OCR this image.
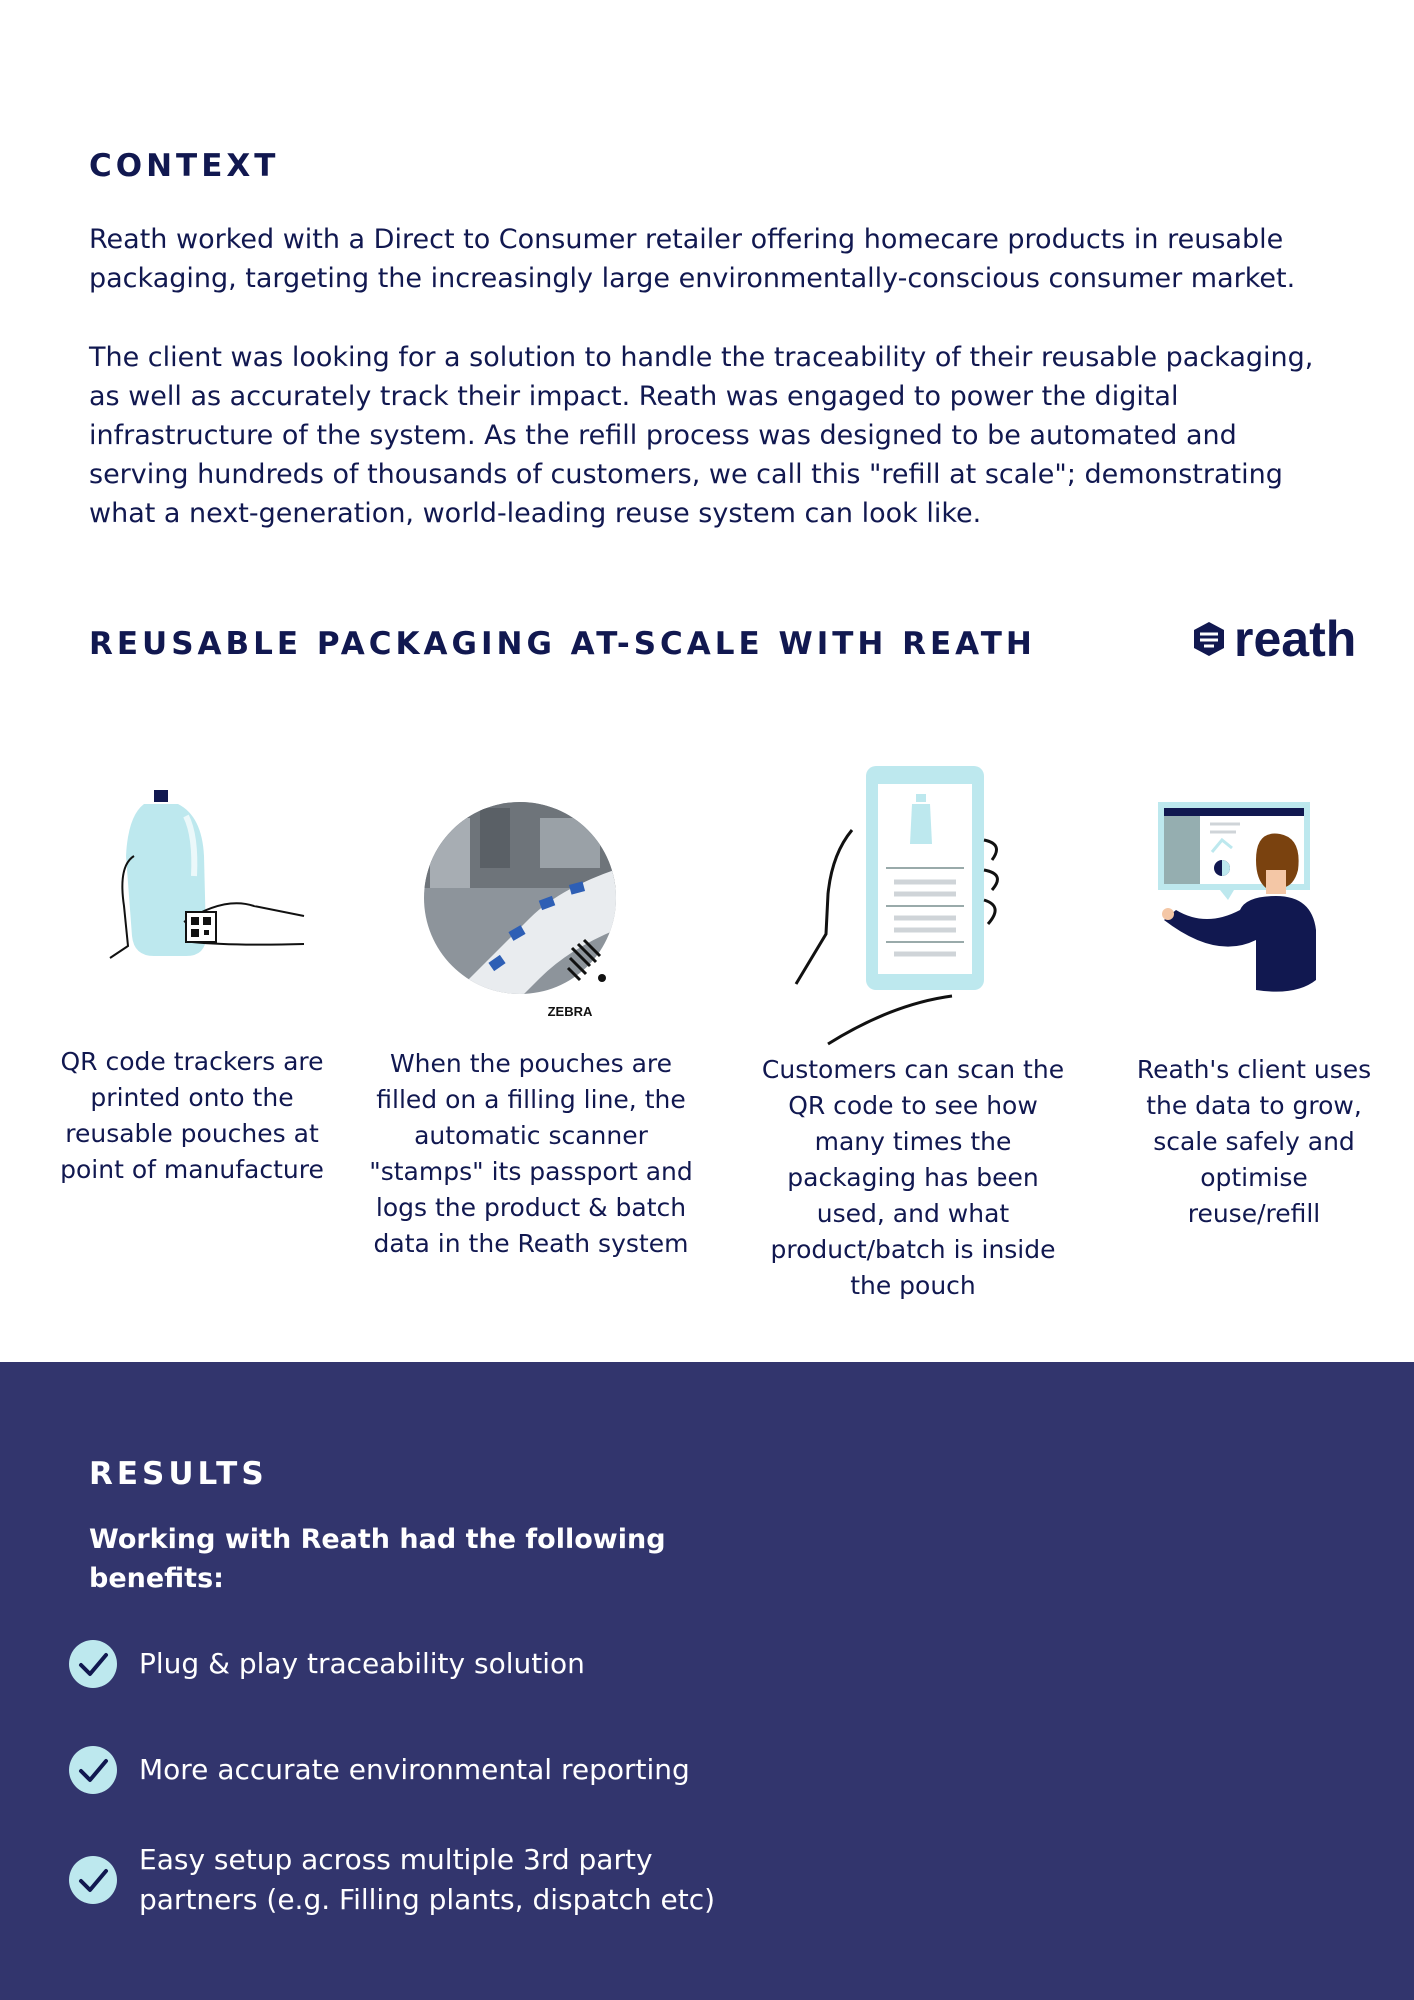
CONTEXT

Reath worked with a Direct to Consumer retailer offering homecare products in reusable packaging, targeting the increasingly large environmentally-conscious consumer market.

The client was looking for a solution to handle the traceability of their reusable packaging, as well as accurately track their impact. Reath was engaged to power the digital infrastructure of the system. As the refill process was designed to be automated and serving hundreds of thousands of customers, we call this "refill at scale"; demonstrating what a next-generation, world-leading reuse system can look like.

REUSABLE PACKAGING AT-SCALE WITH REATH	reath

QR code trackers are printed onto the reusable pouches at point of manufacture

ZEBRA

When the pouches are filled on a filling line, the automatic scanner "stamps" its passport and logs the product & batch data in the Reath system

Customers can scan the QR code to see how many times the packaging has been used, and what product/batch is inside the pouch

Reath's client uses the data to grow, scale safely and optimise reuse/refill

RESULTS

Working with Reath had the following benefits:

Plug & play traceability solution
More accurate environmental reporting
Easy setup across multiple 3rd party partners (e.g. Filling plants, dispatch etc)
